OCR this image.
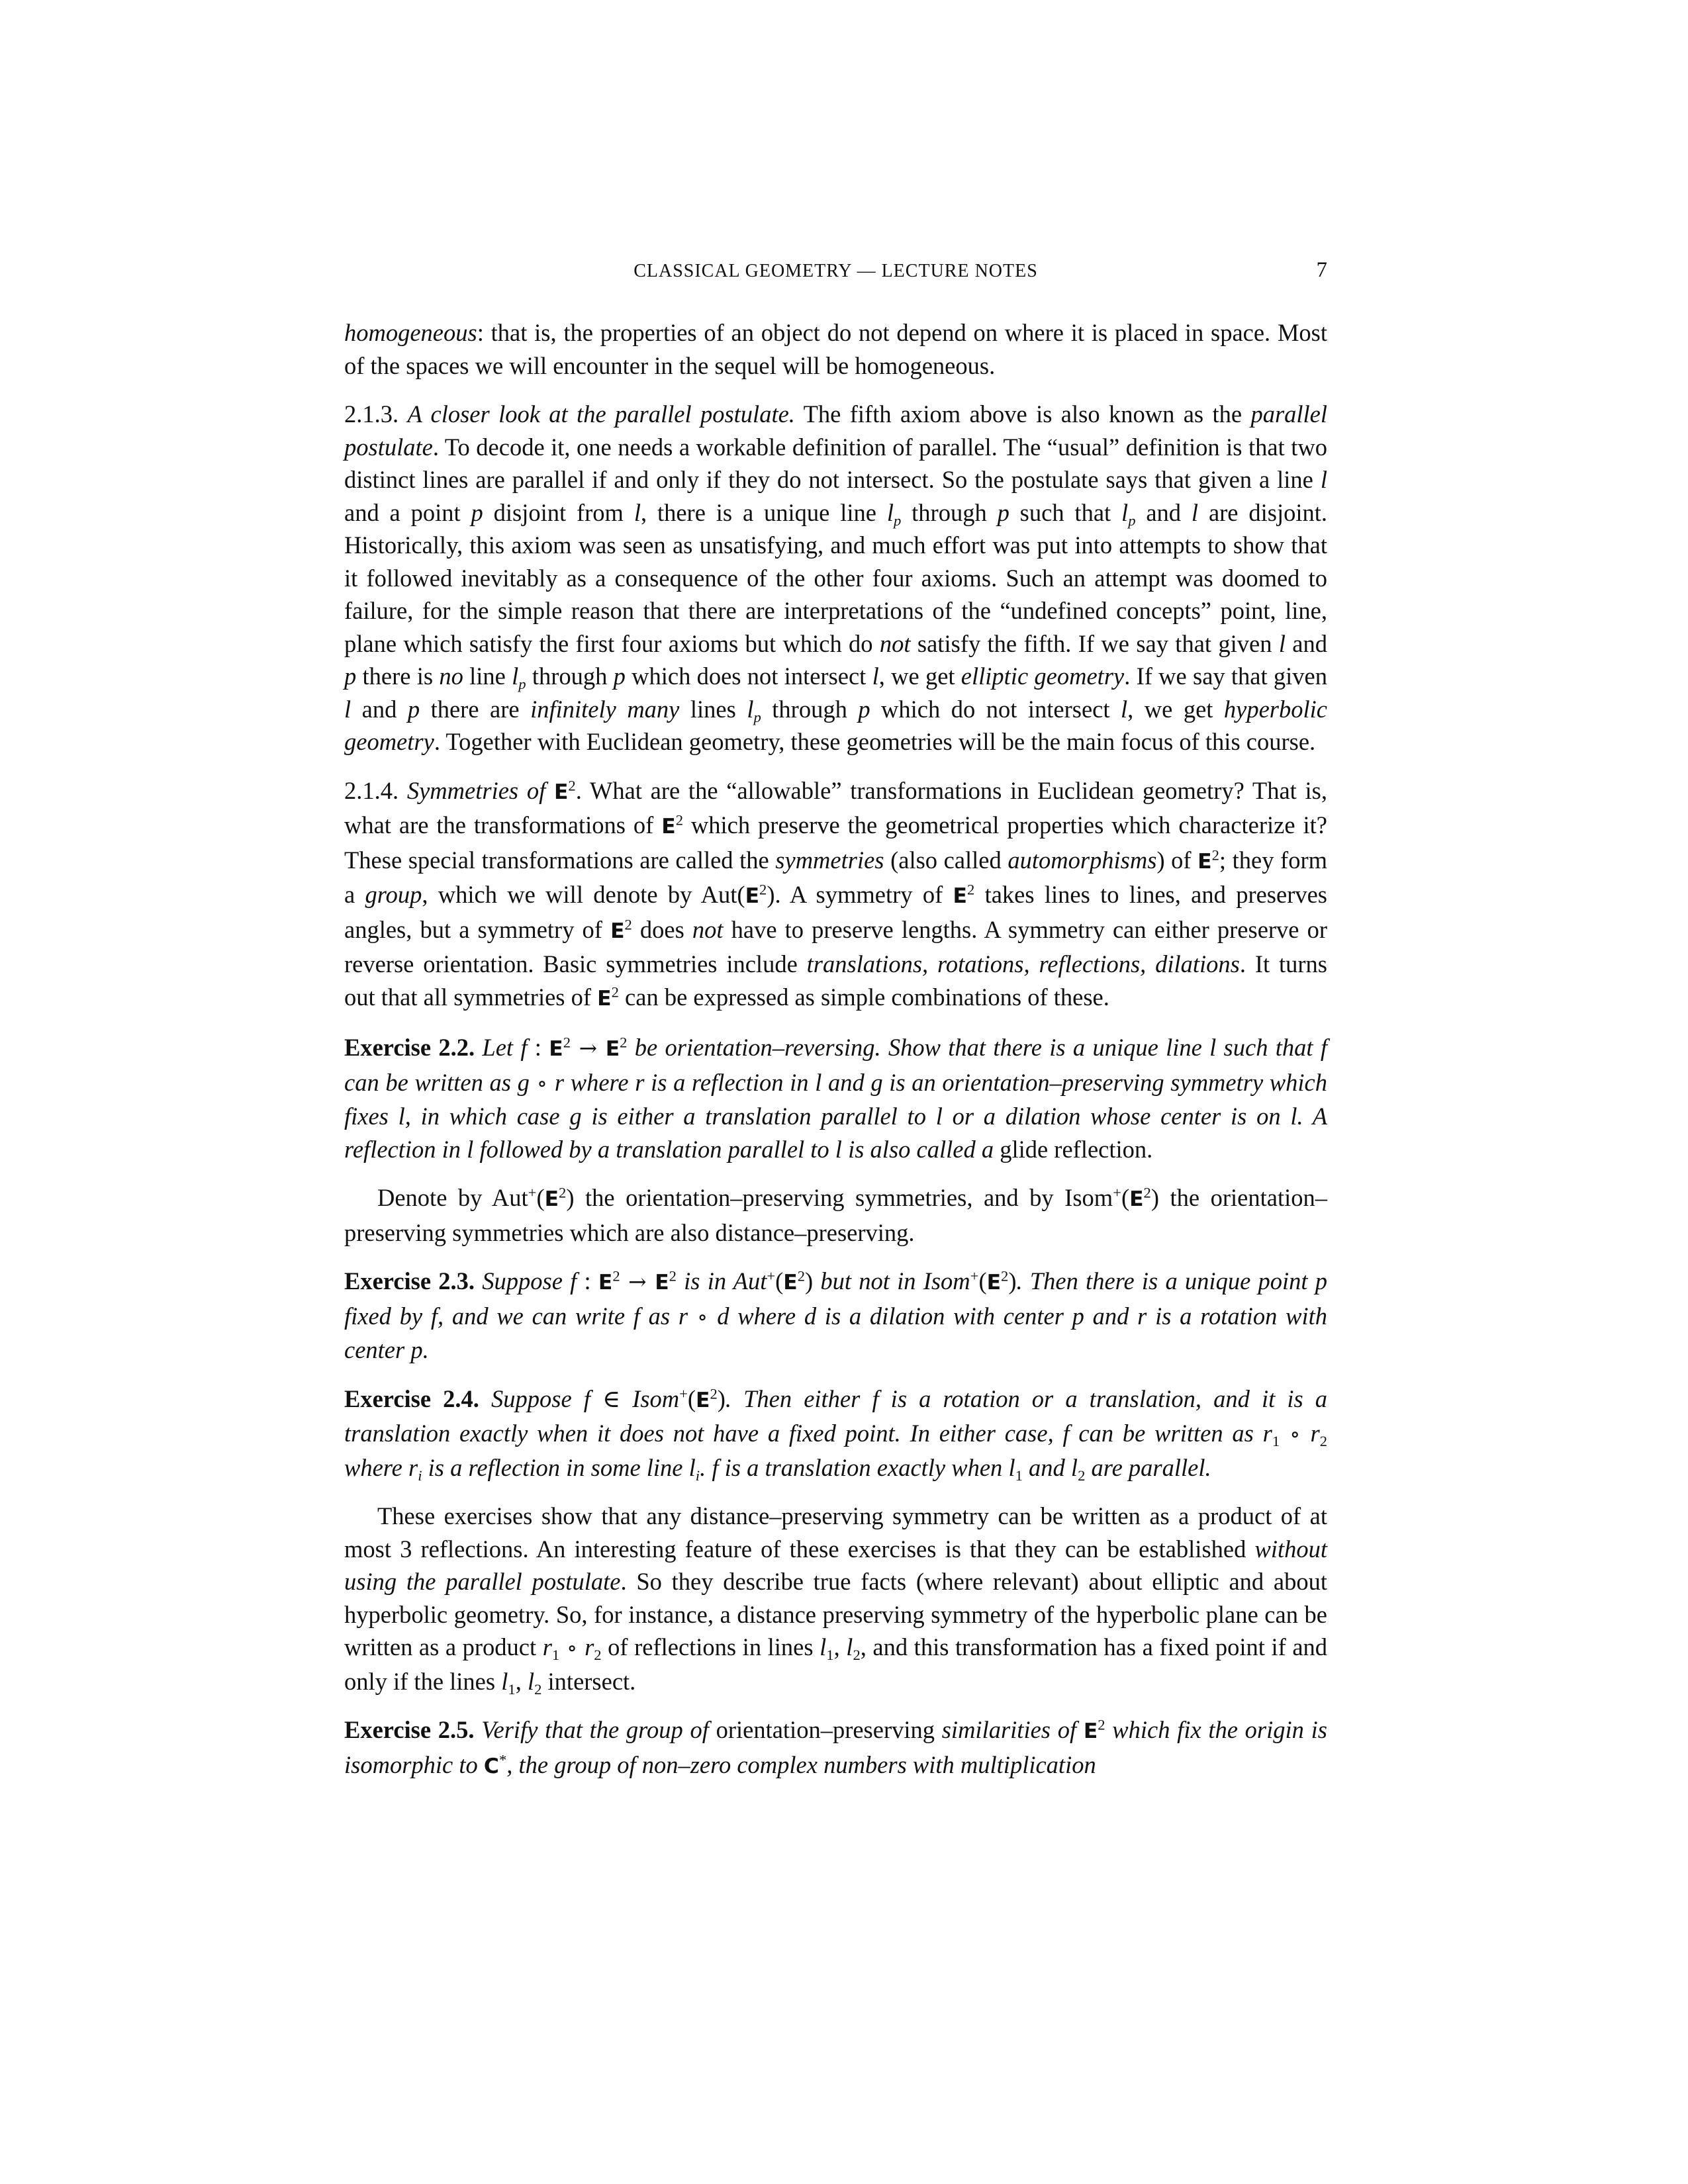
CLASSICAL GEOMETRY — LECTURE NOTES	7

homogeneous: that is, the properties of an object do not depend on where it is placed in space. Most of the spaces we will encounter in the sequel will be homogeneous.

2.1.3. A closer look at the parallel postulate. The fifth axiom above is also known as the parallel postulate. To decode it, one needs a workable definition of parallel. The “usual” definition is that two distinct lines are parallel if and only if they do not intersect. So the postulate says that given a line l and a point p disjoint from l, there is a unique line $l_p$ through p such that $l_p$ and l are disjoint. Historically, this axiom was seen as unsatisfying, and much effort was put into attempts to show that it followed inevitably as a consequence of the other four axioms. Such an attempt was doomed to failure, for the simple reason that there are interpretations of the “undefined concepts” point, line, plane which satisfy the first four axioms but which do not satisfy the fifth. If we say that given l and p there is no line $l_p$ through p which does not intersect l, we get elliptic geometry. If we say that given l and p there are infinitely many lines $l_p$ through p which do not intersect l, we get hyperbolic geometry. Together with Euclidean geometry, these geometries will be the main focus of this course.

2.1.4. Symmetries of $E^2$. What are the “allowable” transformations in Euclidean geometry? That is, what are the transformations of $E^2$ which preserve the geometrical properties which characterize it? These special transformations are called the symmetries (also called automorphisms) of $E^2$; they form a group, which we will denote by $Aut(E^2)$. A symmetry of $E^2$ takes lines to lines, and preserves angles, but a symmetry of $E^2$ does not have to preserve lengths. A symmetry can either preserve or reverse orientation. Basic symmetries include translations, rotations, reflections, dilations. It turns out that all symmetries of $E^2$ can be expressed as simple combinations of these.

Exercise 2.2. Let f : $E^2 \to E^2$ be orientation–reversing. Show that there is a unique line l such that f can be written as g ∘ r where r is a reflection in l and g is an orientation–preserving symmetry which fixes l, in which case g is either a translation parallel to l or a dilation whose center is on l. A reflection in l followed by a translation parallel to l is also called a glide reflection.

Denote by $Aut^+(E^2)$ the orientation–preserving symmetries, and by $Isom^+(E^2)$ the orientation–preserving symmetries which are also distance–preserving.

Exercise 2.3. Suppose f : $E^2 \to E^2$ is in $Aut^+(E^2)$ but not in $Isom^+(E^2)$. Then there is a unique point p fixed by f, and we can write f as r ∘ d where d is a dilation with center p and r is a rotation with center p.

Exercise 2.4. Suppose f ∈ $Isom^+(E^2)$. Then either f is a rotation or a translation, and it is a translation exactly when it does not have a fixed point. In either case, f can be written as $r_1$ ∘ $r_2$ where $r_i$ is a reflection in some line $l_i$. f is a translation exactly when $l_1$ and $l_2$ are parallel.

These exercises show that any distance–preserving symmetry can be written as a product of at most 3 reflections. An interesting feature of these exercises is that they can be established without using the parallel postulate. So they describe true facts (where relevant) about elliptic and about hyperbolic geometry. So, for instance, a distance preserving symmetry of the hyperbolic plane can be written as a product $r_1$ ∘ $r_2$ of reflections in lines $l_1$, $l_2$, and this transformation has a fixed point if and only if the lines $l_1$, $l_2$ intersect.

Exercise 2.5. Verify that the group of orientation–preserving similarities of $E^2$ which fix the origin is isomorphic to C*, the group of non–zero complex numbers with multiplication
